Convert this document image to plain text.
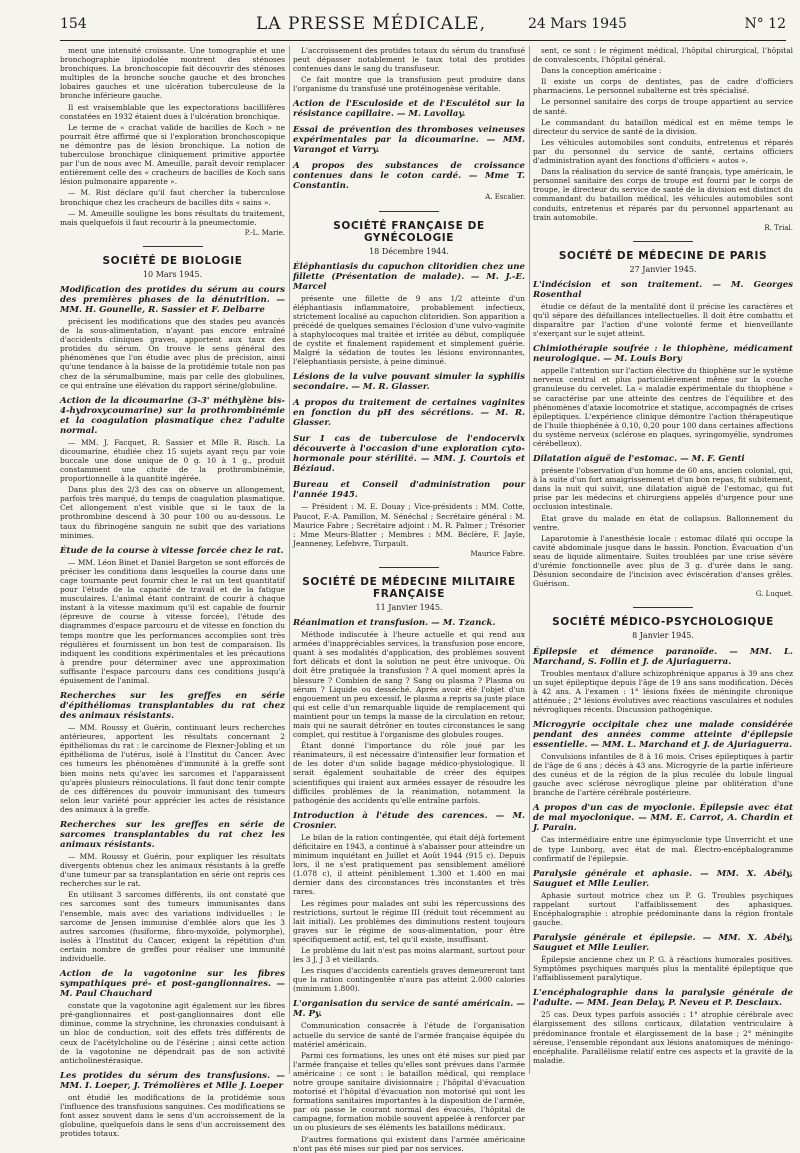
154	LA PRESSE MÉDICALE,	24 Mars 1945	N° 12

ment une intensité croissante. Une tomographie et une bronchographie lipiodolée montrent des sténoses bronchiques. La bronchoscopie fait découvrir des sténoses multiples de la bronche souche gauche et des bronches lobaires gauches et une ulcération tuberculeuse de la bronche inférieure gauche.

Il est vraisemblable que les expectorations bacillifères constatées en 1932 étaient dues à l'ulcération bronchique.

Le terme de « crachat valide de bacilles de Koch » ne pourrait être affirmé que si l'exploration bronchoscopique ne démontre pas de lésion bronchique. La notion de tuberculose bronchique cliniquement primitive apportée par l'un de nous avec M. Ameuille, paraît devoir remplacer entièrement celle des « cracheurs de bacilles de Koch sans lésion pulmonaire apparente ».

— M. Rist déclare qu'il faut chercher la tuberculose bronchique chez les cracheurs de bacilles dits « sains ».

— M. Ameuille souligne les bons résultats du traitement, mais quelquefois il faut recourir à la pneumectomie.

P.-L. Marie.

SOCIÉTÉ DE BIOLOGIE

10 Mars 1945.

Modification des protides du sérum au cours des premières phases de la dénutrition. — MM. H. Gounelle, R. Sassier et F. Delbarre

précisent les modifications que des stades peu avancés de la sous-alimentation, n'ayant pas encore entraîné d'accidents cliniques graves, apportent aux taux des protides du sérum. On trouve le sens général des phénomènes que l'on étudie avec plus de précision, ainsi qu'une tendance à la baisse de la protidémie totale non pas chez de la sérumalbumine, mais par celle des globulines, ce qui entraîne une élévation du rapport sérine/globuline.

Action de la dicoumarine (3-3' méthylène bis-4-hydroxycoumarine) sur la prothrombinémie et la coagulation plasmatique chez l'adulte normal.

— MM. J. Facquet, R. Sassier et Mlle R. Risch. La dicoumarine, étudiée chez 15 sujets ayant reçu par voie buccale une dose unique de 0 g. 10 à 1 g., produit constamment une chute de la prothrombinémie, proportionnelle à la quantité ingérée.

Dans plus des 2/3 des cas on observe un allongement, parfois très marqué, du temps de coagulation plasmatique. Cet allongement n'est visible que si le taux de la prothrombine descend à 30 pour 100 ou au-dessous. Le taux du fibrinogène sanguin ne subit que des variations minimes.

Étude de la course à vitesse forcée chez le rat.

— MM. Léon Binet et Daniel Bargeton se sont efforcés de préciser les conditions dans lesquelles la course dans une cage tournante peut fournir chez le rat un test quantitatif pour l'étude de la capacité de travail et de la fatigue musculaires. L'animal étant contraint de courir à chaque instant à la vitesse maximum qu'il est capable de fournir (épreuve de course à vitesse forcée), l'étude des diagrammes d'espace parcouru et de vitesse en fonction du temps montre que les performances accomplies sont très régulières et fournissent un bon test de comparaison. Ils indiquent les conditions expérimentales et les précautions à prendre pour déterminer avec une approximation suffisante l'espace parcouru dans ces conditions jusqu'à épuisement de l'animal.

Recherches sur les greffes en série d'épithéliomas transplantables du rat chez des animaux résistants.

— MM. Roussy et Guérin, continuant leurs recherches antérieures, apportent les résultats concernant 2 épithéliomas du rat : le carcinome de Flexner-Jobling et un épithélioma de l'utérus, isolé à l'Institut du Cancer. Avec ces tumeurs les phénomènes d'immunité à la greffe sont bien moins nets qu'avec les sarcomes et l'apparaissent qu'après plusieurs réinoculations. Il faut donc tenir compte de ces différences du pouvoir immunisant des tumeurs selon leur variété pour apprécier les actes de résistance des animaux à la greffe.

Recherches sur les greffes en série de sarcomes transplantables du rat chez les animaux résistants.

— MM. Roussy et Guérin, pour expliquer les résultats divergents obtenus chez les animaux résistants à la greffe d'une tumeur par sa transplantation en série ont repris ces recherches sur le rat.

En utilisant 3 sarcomes différents, ils ont constaté que ces sarcomes sont des tumeurs immunisantes dans l'ensemble, mais avec des variations individuelles : le sarcome de Jensen immunise d'emblée alors que les 3 autres sarcomes (fusiforme, fibro-myxoïde, polymorphe), isolés à l'Institut du Cancer, exigent la répétition d'un certain nombre de greffes pour réaliser une immunité individuelle.

Action de la vagotonine sur les fibres sympathiques pré- et post-ganglionnaires. — M. Paul Chauchard

constate que la vagotonine agit également sur les fibres pré-ganglionnaires et post-ganglionnaires dont elle diminue, comme la strychnine, les chronaxies conduisant à un bloc de conduction, soit des effets très différents de ceux de l'acétylcholine ou de l'ésérine ; ainsi cette action de la vagotonine ne dépendrait pas de son activité anticholinestérasique.

Les protides du sérum des transfusions. — MM. I. Loeper, J. Trémolières et Mlle J. Loeper

ont étudié les modifications de la protidémie sous l'influence des transfusions sanguines. Ces modifications se font assez souvent dans le sens d'un accroissement de la globuline, quelquefois dans le sens d'un accroissement des protides totaux.

L'accroissement des protides totaux du sérum du transfusé peut dépasser notablement le taux total des protides contenues dans le sang du transfuseur.

Ce fait montre que la transfusion peut produire dans l'organisme du transfusé une protéinogenèse véritable.

Action de l'Esculoside et de l'Esculétol sur la résistance capillaire. — M. Lavollay.

Essai de prévention des thromboses veineuses expérimentales par la dicoumarine. — MM. Varangot et Varry.

A propos des substances de croissance contenues dans le coton cardé. — Mme T. Constantin.

A. Escalier.

SOCIÉTÉ FRANÇAISE DE GYNÉCOLOGIE

18 Décembre 1944.

Éléphantiasis du capuchon clitoridien chez une fillette (Présentation de malade). — M. J.-E. Marcel

présente une fillette de 9 ans 1/2 atteinte d'un éléphantiasis inflammatoire, probablement infectieux, strictement localisé au capuchon clitoridien. Son apparition a précédé de quelques semaines l'éclosion d'une vulvo-vaginite à staphylocoques mal traitée et irritée au début, compliquée de cystite et finalement rapidement et simplement guérie. Malgré la sédation de toutes les lésions environnantes, l'éléphantiasis persiste, à peine diminué.

Lésions de la vulve pouvant simuler la syphilis secondaire. — M. R. Glasser.

A propos du traitement de certaines vaginites en fonction du pH des sécrétions. — M. R. Glasser.

Sur 1 cas de tuberculose de l'endocervix découverte à l'occasion d'une exploration cyto-hormonale pour stérilité. — MM. J. Courtois et Béziaud.

Bureau et Conseil d'administration pour l'année 1945.

— Président : M. E. Douay ; Vice-présidents : MM. Cotte, Paucot, F.-A. Pamillon, M. Sénéchal ; Secrétaire général : M. Maurice Fabre ; Secrétaire adjoint : M. R. Palmer ; Trésorier : Mme Meurs-Blatter ; Membres : MM. Béclère, F. Jayle, Jeanneney, Lefebvre, Turpault.

Maurice Fabre.

SOCIÉTÉ DE MÉDECINE MILITAIRE FRANÇAISE

11 Janvier 1945.

Réanimation et transfusion. — M. Tzanck.

Méthode indiscutée à l'heure actuelle et qui rend aux armées d'inappréciables services, la transfusion pose encore, quant à ses modalités d'application, des problèmes souvent fort délicats et dont la solution ne peut être univoque. Où doit être pratiquée la transfusion ? A quel moment après la blessure ? Combien de sang ? Sang ou plasma ? Plasma ou sérum ? Liquide ou desséché. Après avoir été l'objet d'un engouement un peu excessif, le plasma a repris sa juste place qui est celle d'un remarquable liquide de remplacement qui maintient pour un temps la masse de la circulation en retour, mais qui ne saurait détrôner en toutes circonstances le sang complet, qui restitue à l'organisme des globules rouges.

Étant donné l'importance du rôle joué par les réanimateurs, il est nécessaire d'intensifier leur formation et de les doter d'un solide bagage médico-physiologique. Il serait également souhaitable de créer des équipes scientifiques qui iraient aux armées essayer de résoudre les difficiles problèmes de la réanimation, notamment la pathogénie des accidents qu'elle entraîne parfois.

Introduction à l'étude des carences. — M. Crosnier.

Le bilan de la ration contingentée, qui était déjà fortement déficitaire en 1943, a continué à s'abaisser pour atteindre un minimum inquiétant en Juillet et Août 1944 (915 c). Depuis lors, il ne s'est pratiquement pas sensiblement amélioré (1.078 c), il atteint péniblement 1.300 et 1.400 en mai dernier dans des circonstances très inconstantes et très rares.

Les régimes pour malades ont subi les répercussions des restrictions, surtout le régime III (réduit tout récemment au lait initial). Les problèmes des diminutions restent toujours graves sur le régime de sous-alimentation, pour être spécifiquement actif, est, tel qu'il existe, insuffisant.

Le problème du lait n'est pas moins alarmant, surtout pour les 3 J, J 3 et vieillards.

Les risques d'accidents carentiels graves demeureront tant que la ration contingentée n'aura pas atteint 2.000 calories (minimum 1.800).

L'organisation du service de santé américain. — M. Py.

Communication consacrée à l'étude de l'organisation actuelle du service de santé de l'armée française équipée du matériel américain.

Parmi ces formations, les unes ont été mises sur pied par l'armée française et telles qu'elles sont prévues dans l'armée américaine : ce sont : le bataillon médical, qui remplace notre groupe sanitaire divisionnaire ; l'hôpital d'évacuation motorisé et l'hôpital d'évacuation non motorisé qui sont les formations sanitaires importantes à la disposition de l'armée, par où passe le courant normal des évacués, l'hôpital de campagne, formation mobile souvent appelée à renforcer par un ou plusieurs de ses éléments les bataillons médicaux.

D'autres formations qui existent dans l'armée américaine n'ont pas été mises sur pied par nos services.

sent, ce sont : le régiment médical, l'hôpital chirurgical, l'hôpital de convalescents, l'hôpital général.

Dans la conception américaine :

Il existe un corps de dentistes, pas de cadre d'officiers pharmaciens. Le personnel subalterne est très spécialisé.

Le personnel sanitaire des corps de troupe appartient au service de santé.

Le commandant du bataillon médical est en même temps le directeur du service de santé de la division.

Les véhicules automobiles sont conduits, entretenus et réparés par du personnel du service de santé, certains officiers d'administration ayant des fonctions d'officiers « autos ».

Dans la réalisation du service de santé français, type américain, le personnel sanitaire des corps de troupe est fourni par le corps de troupe, le directeur du service de santé de la division est distinct du commandant du bataillon médical, les véhicules automobiles sont conduits, entretenus et réparés par du personnel appartenant au train automobile.

R. Trial.

SOCIÉTÉ DE MÉDECINE DE PARIS

27 Janvier 1945.

L'indécision et son traitement. — M. Georges Rosenthal

étudie ce défaut de la mentalité dont il précise les caractères et qu'il sépare des défaillances intellectuelles. Il doit être combattu et disparaître par l'action d'une volonté ferme et bienveillante s'exerçant sur le sujet atteint.

Chimiothérapie soufrée : le thiophène, médicament neurologique. — M. Louis Bory

appelle l'attention sur l'action élective du thiophène sur le système nerveux central et plus particulièrement même sur la couche granuleuse du cervelet. La « maladie expérimentale du thiophène » se caractérise par une atteinte des centres de l'équilibre et des phénomènes d'ataxie locomotrice et statique, accompagnés de crises épileptiques. L'expérience clinique démontre l'action thérapeutique de l'huile thiophénée à 0,10, 0,20 pour 100 dans certaines affections du système nerveux (sclérose en plaques, syringomyélie, syndromes cérébelleux).

Dilatation aiguë de l'estomac. — M. F. Genti

présente l'observation d'un homme de 60 ans, ancien colonial, qui, à la suite d'un fort amaigrissement et d'un bon repas, fit subitement, dans la nuit qui suivit, une dilatation aiguë de l'estomac, qui fut prise par les médecins et chirurgiens appelés d'urgence pour une occlusion intestinale.

État grave du malade en état de collapsus. Ballonnement du ventre.

Laparotomie à l'anesthésie locale : estomac dilaté qui occupe la cavité abdominale jusque dans le bassin. Ponction. Évacuation d'un seau de liquide alimentaire. Suites troublées par une crise sévère d'urémie fonctionnelle avec plus de 3 g. d'urée dans le sang. Désunion secondaire de l'incision avec éviscération d'anses grêles. Guérison.

G. Luquet.

SOCIÉTÉ MÉDICO-PSYCHOLOGIQUE

8 Janvier 1945.

Épilepsie et démence paranoïde. — MM. L. Marchand, S. Follin et J. de Ajuriaguerra.

Troubles mentaux d'allure schizophrénique apparus à 39 ans chez un sujet épileptique depuis l'âge de 19 ans sans modification. Décès à 42 ans. A l'examen : 1° lésions fixées de méningite chronique atténuée ; 2° lésions évolutives avec réactions vasculaires et nodules névrogliques récents. Discussion pathogénique.

Microgyrie occipitale chez une malade considérée pendant des années comme atteinte d'épilepsie essentielle. — MM. L. Marchand et J. de Ajuriaguerra.

Convulsions infantiles de 8 à 16 mois. Crises épileptiques à partir de l'âge de 6 ans ; décès à 43 ans. Microgyrie de la partie inférieure des cunéus et de la région de la plus reculée du lobule lingual gauche avec sclérose névroglique pleine par oblitération d'une branche de l'artère cérébrale postérieure.

A propos d'un cas de myoclonie. Épilepsie avec état de mal myoclonique. — MM. E. Carrot, A. Chardin et J. Parain.

Cas intermédiaire entre une épimyoclonie type Unverricht et une de type Lunborg, avec état de mal. Électro-encéphalogramme confirmatif de l'épilepsie.

Paralysie générale et aphasie. — MM. X. Abély, Sauguet et Mlle Leulier.

Aphasie surtout motrice chez un P. G. Troubles psychiques rappelant surtout l'affaiblissement des aphasiques. Encéphalographie : atrophie prédominante dans la région frontale gauche.

Paralysie générale et épilepsie. — MM. X. Abély, Sauguet et Mlle Leulier.

Épilepsie ancienne chez un P. G. à réactions humorales positives. Symptômes psychiques marqués plus la mentalité épileptique que l'affaiblissement paralytique.

L'encéphalographie dans la paralysie générale de l'adulte. — MM. Jean Delay, P. Neveu et P. Desclaux.

25 cas. Deux types parfois associés : 1° atrophie cérébrale avec élargissement des sillons corticaux, dilatation ventriculaire à prédominance frontale et élargissement de la base ; 2° méningite séreuse, l'ensemble répondant aux lésions anatomiques de méningo-encéphalite. Parallélisme relatif entre ces aspects et la gravité de la maladie.
